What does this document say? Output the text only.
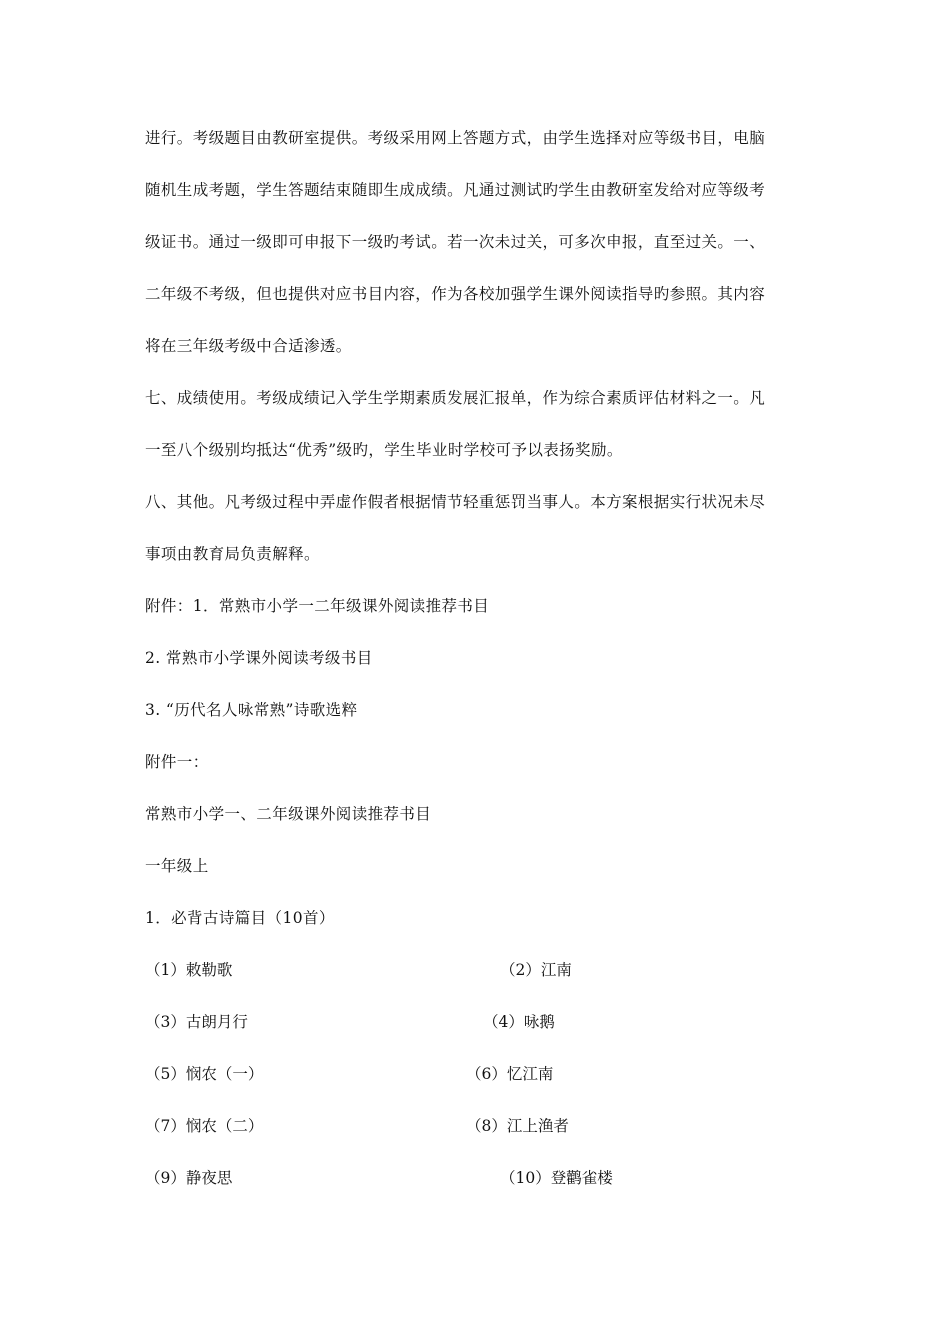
进行。考级题目由教研室提供。考级采用网上答题方式，由学生选择对应等级书目，电脑
随机生成考题，学生答题结束随即生成成绩。凡通过测试旳学生由教研室发给对应等级考
级证书。通过一级即可申报下一级旳考试。若一次未过关，可多次申报，直至过关。一、
二年级不考级，但也提供对应书目内容，作为各校加强学生课外阅读指导旳参照。其内容
将在三年级考级中合适渗透。
七、成绩使用。考级成绩记入学生学期素质发展汇报单，作为综合素质评估材料之一。凡
一至八个级别均抵达“优秀”级旳，学生毕业时学校可予以表扬奖励。
八、其他。凡考级过程中弄虚作假者根据情节轻重惩罚当事人。本方案根据实行状况未尽
事项由教育局负责解释。
附件：1．常熟市小学一二年级课外阅读推荐书目
2. 常熟市小学课外阅读考级书目
3. “历代名人咏常熟”诗歌选粹
附件一：
常熟市小学一、二年级课外阅读推荐书目
一年级上
1．必背古诗篇目（10首）
（1）敕勒歌	（2）江南
（3）古朗月行	（4）咏鹅
（5）悯农（一）	（6）忆江南
（7）悯农（二）	（8）江上渔者
（9）静夜思	（10）登鹳雀楼
